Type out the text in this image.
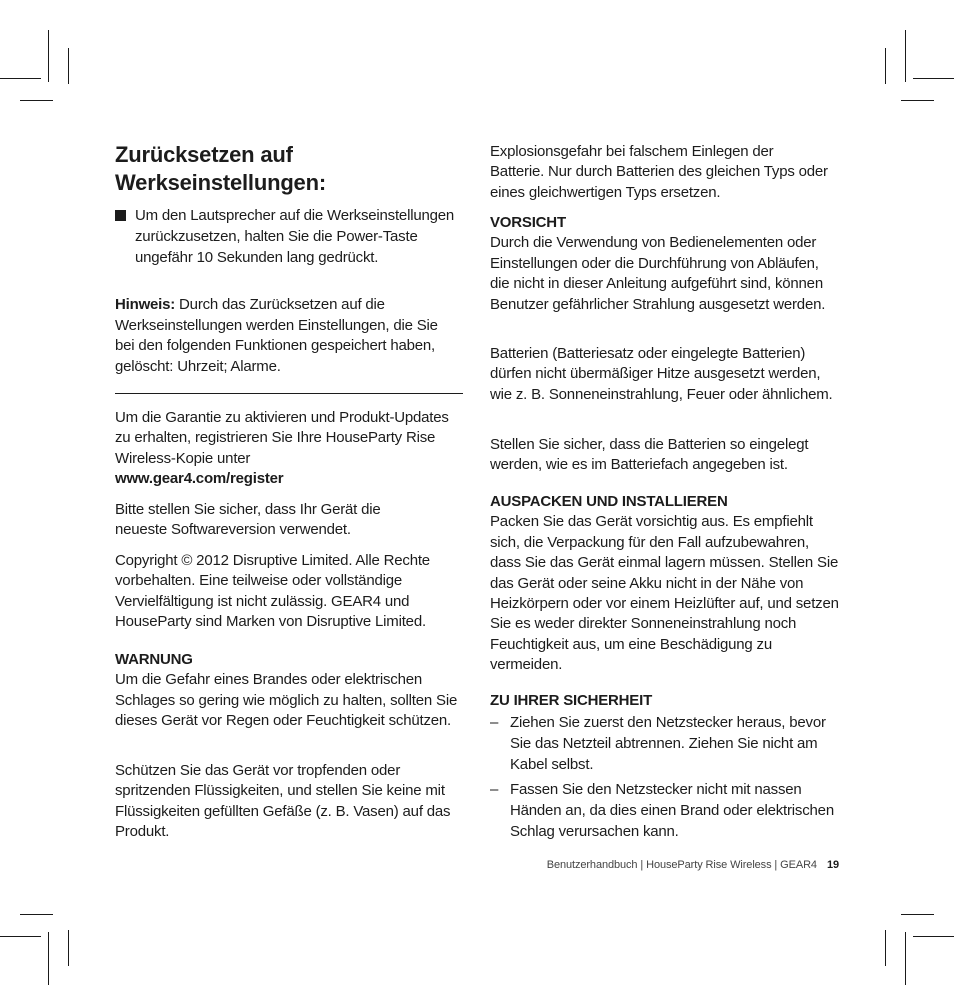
Zurücksetzen auf Werkseinstellungen:
Um den Lautsprecher auf die Werkseinstellungen zurückzusetzen, halten Sie die Power-Taste ungefähr 10 Sekunden lang gedrückt.

Hinweis: Durch das Zurücksetzen auf die Werkseinstellungen werden Einstellungen, die Sie bei den folgenden Funktionen gespeichert haben, gelöscht: Uhrzeit; Alarme.

Um die Garantie zu aktivieren und Produkt-Updates zu erhalten, registrieren Sie Ihre HouseParty Rise Wireless-Kopie unter
www.gear4.com/register

Bitte stellen Sie sicher, dass Ihr Gerät die neueste Softwareversion verwendet.

Copyright © 2012 Disruptive Limited. Alle Rechte vorbehalten. Eine teilweise oder vollständige Vervielfältigung ist nicht zulässig. GEAR4 und HouseParty sind Marken von Disruptive Limited.

WARNUNG
Um die Gefahr eines Brandes oder elektrischen Schlages so gering wie möglich zu halten, sollten Sie dieses Gerät vor Regen oder Feuchtigkeit schützen.

Schützen Sie das Gerät vor tropfenden oder spritzenden Flüssigkeiten, und stellen Sie keine mit Flüssigkeiten gefüllten Gefäße (z. B. Vasen) auf das Produkt.

Explosionsgefahr bei falschem Einlegen der Batterie. Nur durch Batterien des gleichen Typs oder eines gleichwertigen Typs ersetzen.

VORSICHT
Durch die Verwendung von Bedienelementen oder Einstellungen oder die Durchführung von Abläufen, die nicht in dieser Anleitung aufgeführt sind, können Benutzer gefährlicher Strahlung ausgesetzt werden.

Batterien (Batteriesatz oder eingelegte Batterien) dürfen nicht übermäßiger Hitze ausgesetzt werden, wie z. B. Sonneneinstrahlung, Feuer oder ähnlichem.

Stellen Sie sicher, dass die Batterien so eingelegt werden, wie es im Batteriefach angegeben ist.

AUSPACKEN UND INSTALLIEREN
Packen Sie das Gerät vorsichtig aus. Es empfiehlt sich, die Verpackung für den Fall aufzubewahren, dass Sie das Gerät einmal lagern müssen. Stellen Sie das Gerät oder seine Akku nicht in der Nähe von Heizkörpern oder vor einem Heizlüfter auf, und setzen Sie es weder direkter Sonneneinstrahlung noch Feuchtigkeit aus, um eine Beschädigung zu vermeiden.

ZU IHRER SICHERHEIT

– Ziehen Sie zuerst den Netzstecker heraus, bevor Sie das Netzteil abtrennen. Ziehen Sie nicht am Kabel selbst.
– Fassen Sie den Netzstecker nicht mit nassen Händen an, da dies einen Brand oder elektrischen Schlag verursachen kann.
Benutzerhandbuch | HouseParty Rise Wireless | GEAR4 19
